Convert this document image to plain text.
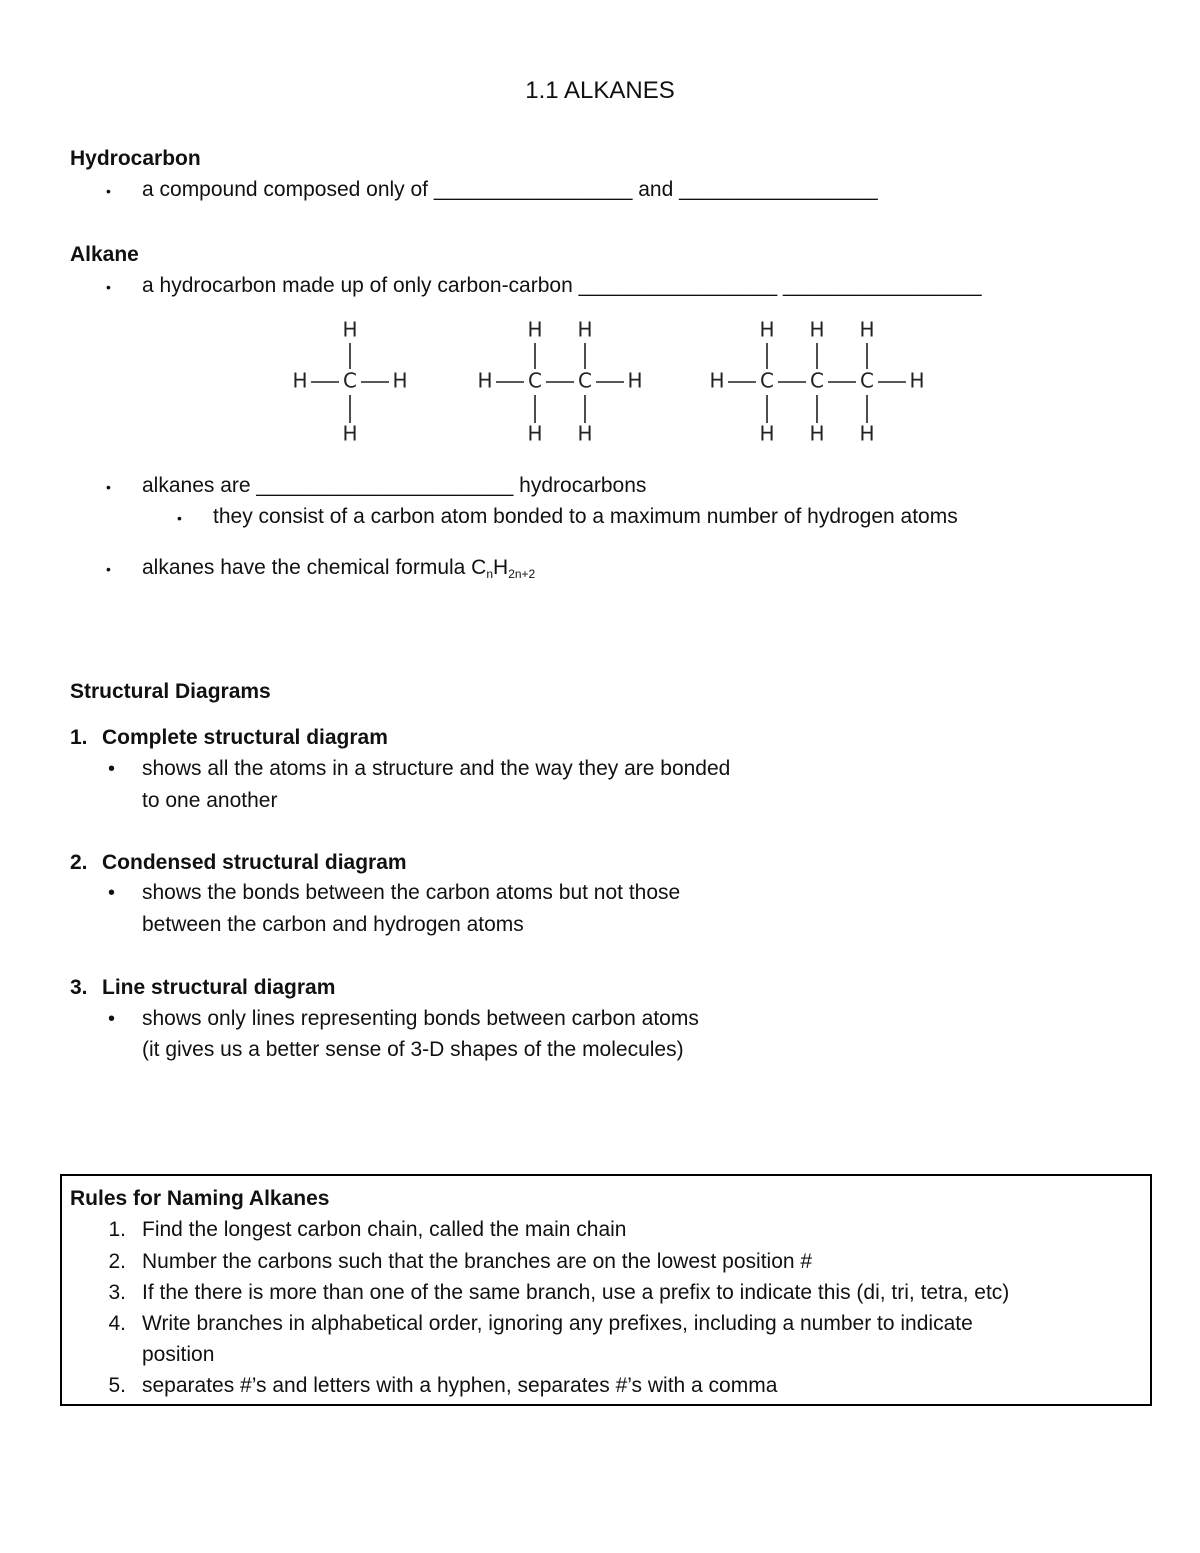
1.1 ALKANES
Hydrocarbon
• a compound composed only of _________________ and _________________
Alkane
• a hydrocarbon made up of only carbon-carbon _________________ _________________
H C
H
H
H	H C
H
H
C
H
H
H	H C
H
H
C
H
H
C
H
H
H
• alkanes are ______________________ hydrocarbons
• they consist of a carbon atom bonded to a maximum number of hydrogen atoms
• alkanes have the chemical formula $C_nH_{2n+2}$
Structural Diagrams
1. Complete structural diagram
• shows all the atoms in a structure and the way they are bonded
to one another
2. Condensed structural diagram
• shows the bonds between the carbon atoms but not those
between the carbon and hydrogen atoms
3. Line structural diagram
• shows only lines representing bonds between carbon atoms
(it gives us a better sense of 3-D shapes of the molecules)
Rules for Naming Alkanes
1. Find the longest carbon chain, called the main chain
2. Number the carbons such that the branches are on the lowest position #
3. If the there is more than one of the same branch, use a prefix to indicate this (di, tri, tetra, etc)
4. Write branches in alphabetical order, ignoring any prefixes, including a number to indicate
position
5. separates #’s and letters with a hyphen, separates #’s with a comma
